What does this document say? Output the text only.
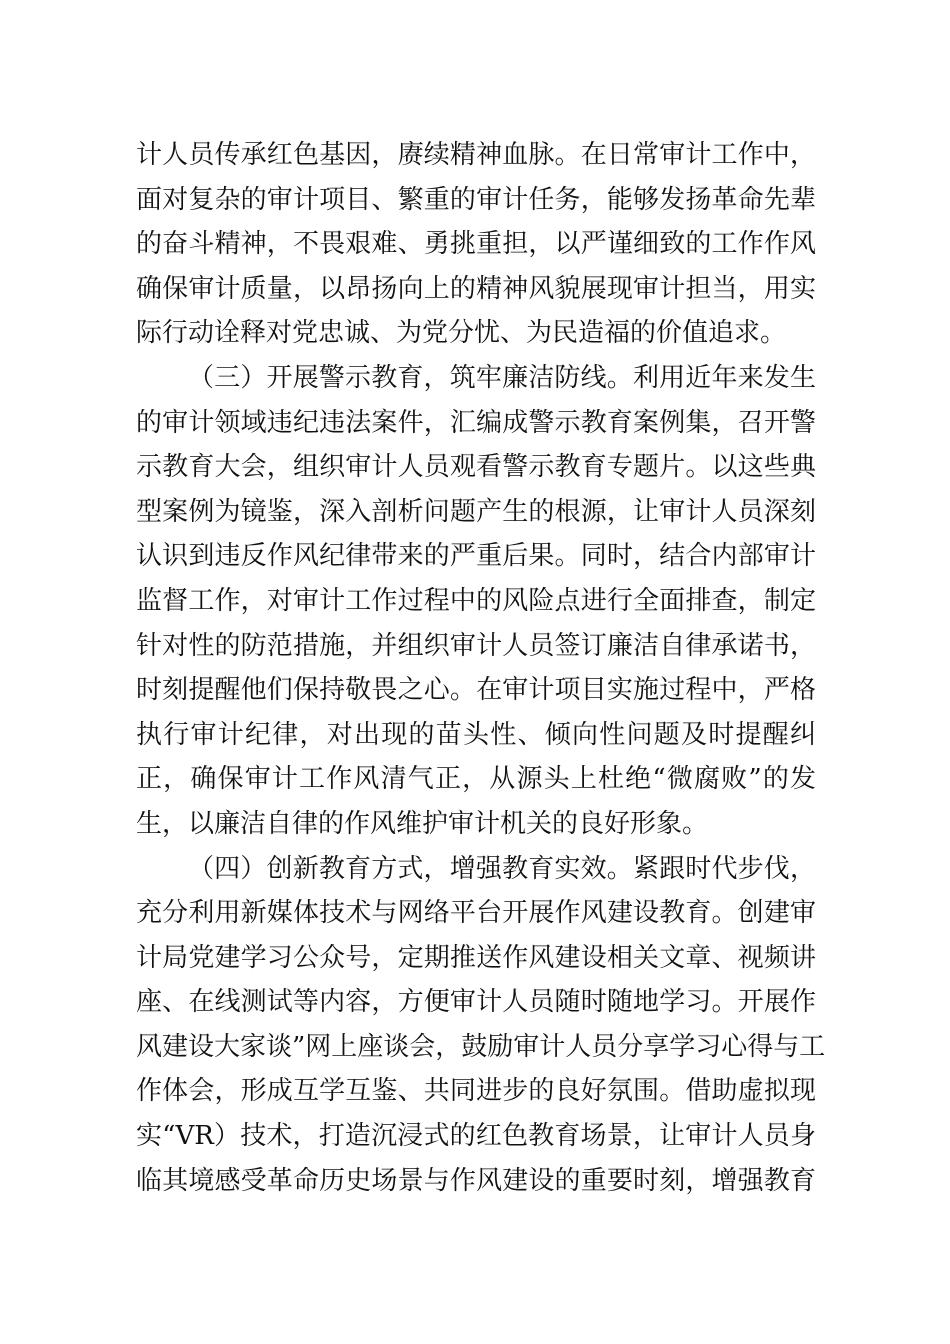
计人员传承红色基因，赓续精神血脉。在日常审计工作中，
面对复杂的审计项目、繁重的审计任务，能够发扬革命先辈
的奋斗精神，不畏艰难、勇挑重担，以严谨细致的工作作风
确保审计质量，以昂扬向上的精神风貌展现审计担当，用实
际行动诠释对党忠诚、为党分忧、为民造福的价值追求。
（三）开展警示教育，筑牢廉洁防线。利用近年来发生
的审计领域违纪违法案件，汇编成警示教育案例集，召开警
示教育大会，组织审计人员观看警示教育专题片。以这些典
型案例为镜鉴，深入剖析问题产生的根源，让审计人员深刻
认识到违反作风纪律带来的严重后果。同时，结合内部审计
监督工作，对审计工作过程中的风险点进行全面排查，制定
针对性的防范措施，并组织审计人员签订廉洁自律承诺书，
时刻提醒他们保持敬畏之心。在审计项目实施过程中，严格
执行审计纪律，对出现的苗头性、倾向性问题及时提醒纠
正，确保审计工作风清气正，从源头上杜绝“微腐败”的发
生，以廉洁自律的作风维护审计机关的良好形象。
（四）创新教育方式，增强教育实效。紧跟时代步伐，
充分利用新媒体技术与网络平台开展作风建设教育。创建审
计局党建学习公众号，定期推送作风建设相关文章、视频讲
座、在线测试等内容，方便审计人员随时随地学习。开展作
风建设大家谈”网上座谈会，鼓励审计人员分享学习心得与工
作体会，形成互学互鉴、共同进步的良好氛围。借助虚拟现
实“VR）技术，打造沉浸式的红色教育场景，让审计人员身
临其境感受革命历史场景与作风建设的重要时刻，增强教育
